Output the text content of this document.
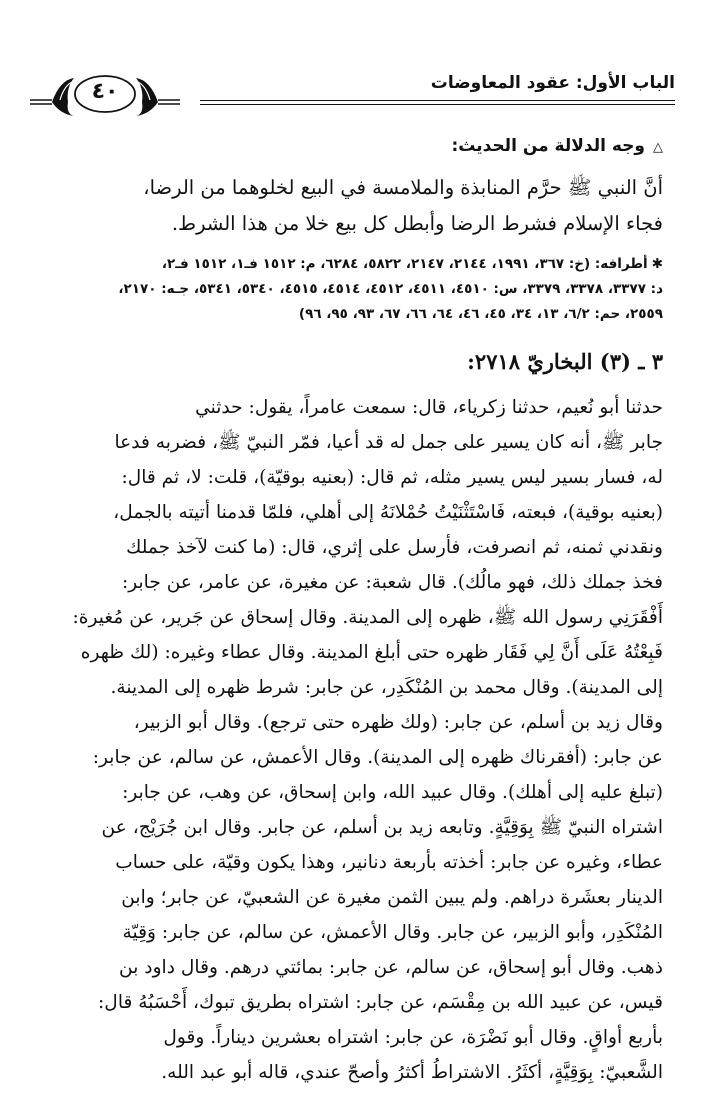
الباب الأول: عقود المعاوضات
٤٠
△وجه الدلالة من الحديث:
أنَّ النبي ﷺ حرَّم المنابذة والملامسة في البيع لخلوهما من الرضا،
فجاء الإسلام فشرط الرضا وأبطل كل بيع خلا من هذا الشرط.
✱أطرافه: (خ: ٣٦٧، ١٩٩١، ٢١٤٤، ٢١٤٧، ٥٨٢٢، ٦٢٨٤، م: ١٥١٢ فـ١، ١٥١٢ فـ٢،
د: ٣٣٧٧، ٣٣٧٨، ٣٣٧٩، س: ٤٥١٠، ٤٥١١، ٤٥١٢، ٤٥١٤، ٤٥١٥، ٥٣٤٠، ٥٣٤١، جـه: ٢١٧٠،
٢٥٥٩، حم: ٦/٢، ١٣، ٣٤، ٤٥، ٤٦، ٦٤، ٦٦، ٦٧، ٩٣، ٩٥، ٩٦)
٣ ـ (٣) البخاريّ ٢٧١٨:
حدثنا أبو نُعيم، حدثنا زكرياء، قال: سمعت عامراً، يقول: حدثني
جابر ﷺ، أنه كان يسير على جمل له قد أعيا، فمّر النبيّ ﷺ، فضربه فدعا
له، فسار بسير ليس يسير مثله، ثم قال: (بعنيه بوقيّة)، قلت: لا، ثم قال:
(بعنيه بوقية)، فبعته، فَاسْتَثْنَيْتُ حُمْلانَهُ إلى أهلي، فلمّا قدمنا أتيته بالجمل،
ونقدني ثمنه، ثم انصرفت، فأرسل على إثري، قال: (ما كنت لآخذ جملك
فخذ جملك ذلك، فهو مالُك). قال شعبة: عن مغيرة، عن عامر، عن جابر:
أَفْقَرَنِي رسول الله ﷺ، ظهره إلى المدينة. وقال إسحاق عن جَرير، عن مُغيرة:
فَبِعْتُهُ عَلَى أَنَّ لِي فَقَار ظهره حتى أبلغ المدينة. وقال عطاء وغيره: (لك ظهره
إلى المدينة). وقال محمد بن المُنْكَدِر، عن جابر: شرط ظهره إلى المدينة.
وقال زيد بن أسلم، عن جابر: (ولك ظهره حتى ترجع). وقال أبو الزبير،
عن جابر: (أفقرناك ظهره إلى المدينة). وقال الأعمش، عن سالم، عن جابر:
(تبلغ عليه إلى أهلك). وقال عبيد الله، وابن إسحاق، عن وهب، عن جابر:
اشتراه النبيّ ﷺ بِوَقِيَّةٍ. وتابعه زيد بن أسلم، عن جابر. وقال ابن جُرَيْج، عن
عطاء، وغيره عن جابر: أخذته بأربعة دنانير، وهذا يكون وقيّة، على حساب
الدينار بعشَرة دراهم. ولم يبين الثمن مغيرة عن الشعبيّ، عن جابر؛ وابن
المُنْكَدِر، وأبو الزبير، عن جابر. وقال الأعمش، عن سالم، عن جابر: وَقِيّة
ذهب. وقال أبو إسحاق، عن سالم، عن جابر: بمائتي درهم. وقال داود بن
قيس، عن عبيد الله بن مِقْسَم، عن جابر: اشتراه بطريق تبوك، أَحْسَبُهُ قال:
بأربع أواقٍ. وقال أبو نَضْرَة، عن جابر: اشتراه بعشرين ديناراً. وقول
الشَّعبيّ: بِوَقِيَّةٍ، أكثَرُ. الاشتراطُ أكثرُ وأصحّ عندي، قاله أبو عبد الله.
